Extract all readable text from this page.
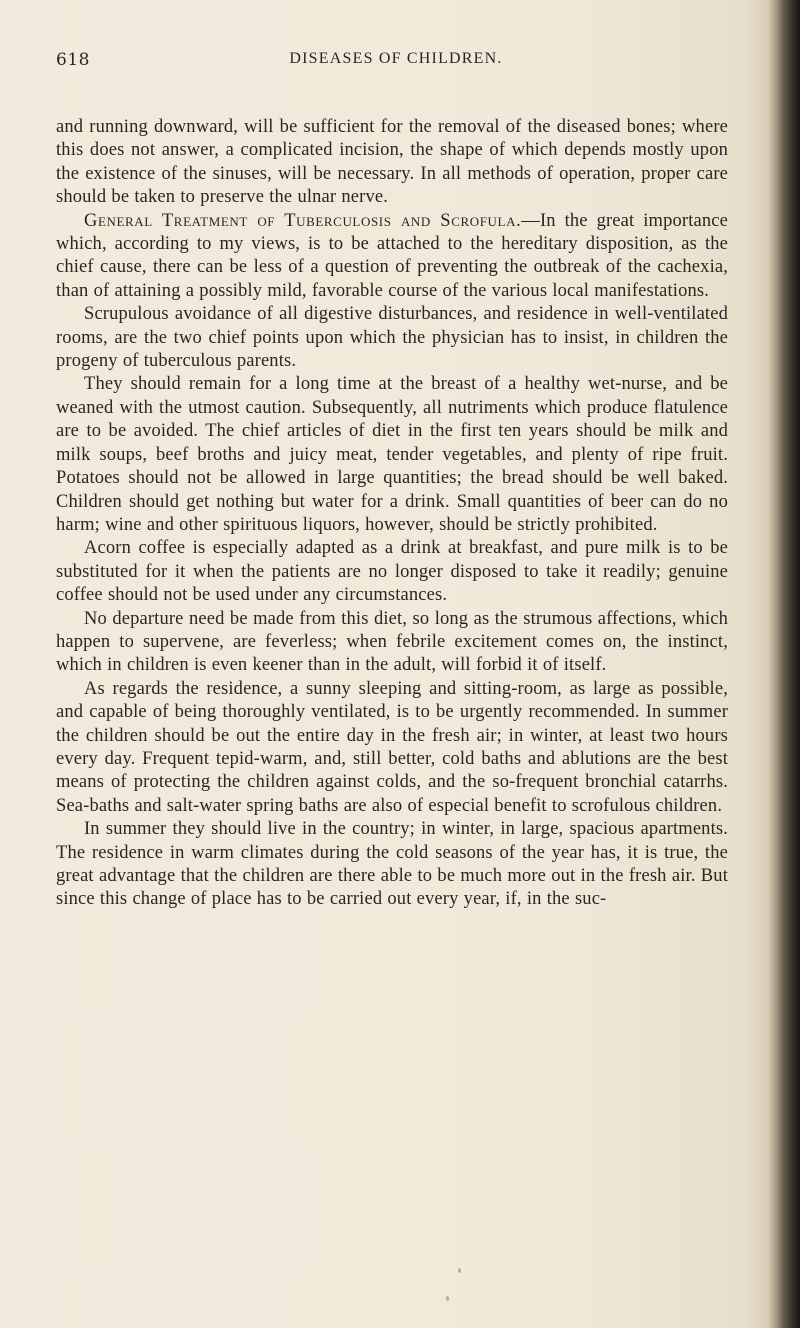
618	DISEASES OF CHILDREN.

and running downward, will be sufficient for the removal of the diseased bones; where this does not answer, a complicated incision, the shape of which depends mostly upon the existence of the sinuses, will be necessary. In all methods of operation, proper care should be taken to preserve the ulnar nerve.

General Treatment of Tuberculosis and Scrofula.—In the great importance which, according to my views, is to be attached to the hereditary disposition, as the chief cause, there can be less of a question of preventing the outbreak of the cachexia, than of attaining a possibly mild, favorable course of the various local manifestations.

Scrupulous avoidance of all digestive disturbances, and residence in well-ventilated rooms, are the two chief points upon which the physician has to insist, in children the progeny of tuberculous parents.

They should remain for a long time at the breast of a healthy wet-nurse, and be weaned with the utmost caution. Subsequently, all nutriments which produce flatulence are to be avoided. The chief articles of diet in the first ten years should be milk and milk soups, beef broths and juicy meat, tender vegetables, and plenty of ripe fruit. Potatoes should not be allowed in large quantities; the bread should be well baked. Children should get nothing but water for a drink. Small quantities of beer can do no harm; wine and other spirituous liquors, however, should be strictly prohibited.

Acorn coffee is especially adapted as a drink at breakfast, and pure milk is to be substituted for it when the patients are no longer disposed to take it readily; genuine coffee should not be used under any circumstances.

No departure need be made from this diet, so long as the strumous affections, which happen to supervene, are feverless; when febrile excitement comes on, the instinct, which in children is even keener than in the adult, will forbid it of itself.

As regards the residence, a sunny sleeping and sitting-room, as large as possible, and capable of being thoroughly ventilated, is to be urgently recommended. In summer the children should be out the entire day in the fresh air; in winter, at least two hours every day. Frequent tepid-warm, and, still better, cold baths and ablutions are the best means of protecting the children against colds, and the so-frequent bronchial catarrhs. Sea-baths and salt-water spring baths are also of especial benefit to scrofulous children.

In summer they should live in the country; in winter, in large, spacious apartments. The residence in warm climates during the cold seasons of the year has, it is true, the great advantage that the children are there able to be much more out in the fresh air. But since this change of place has to be carried out every year, if, in the suc-
